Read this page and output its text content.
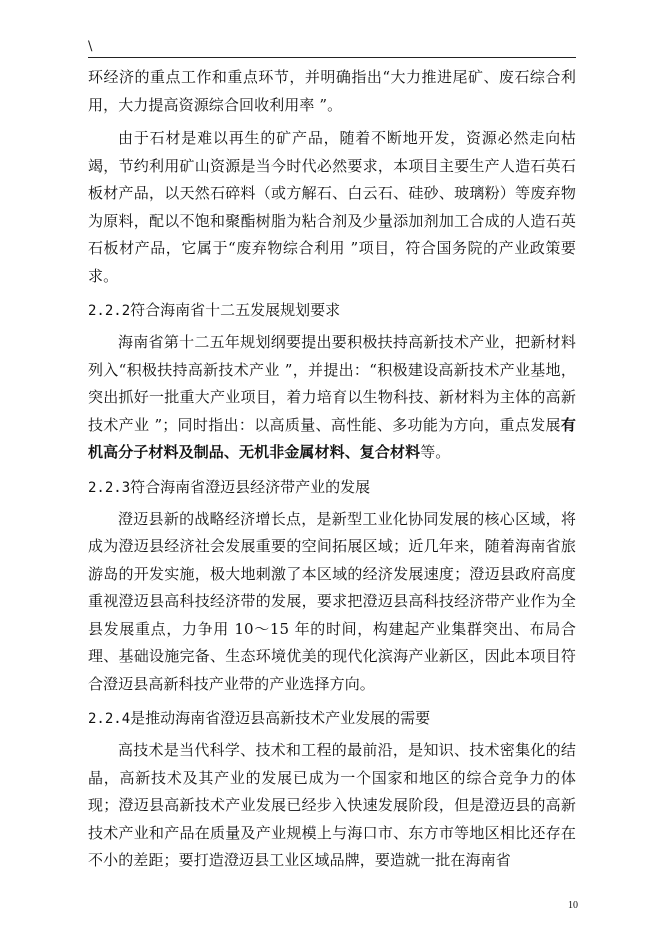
\

环经济的重点工作和重点环节，并明确指出“大力推进尾矿、废石综合利用，大力提高资源综合回收利用率 ”。

由于石材是难以再生的矿产品，随着不断地开发，资源必然走向枯竭，节约利用矿山资源是当今时代必然要求，本项目主要生产人造石英石板材产品，以天然石碎料（或方解石、白云石、硅砂、玻璃粉）等废弃物为原料，配以不饱和聚酯树脂为粘合剂及少量添加剂加工合成的人造石英石板材产品，它属于“废弃物综合利用 ”项目，符合国务院的产业政策要求。

2.2.2符合海南省十二五发展规划要求

海南省第十二五年规划纲要提出要积极扶持高新技术产业，把新材料列入“积极扶持高新技术产业 ”，并提出：“积极建设高新技术产业基地，突出抓好一批重大产业项目，着力培育以生物科技、新材料为主体的高新技术产业 ”；同时指出：以高质量、高性能、多功能为方向，重点发展有机高分子材料及制品、无机非金属材料、复合材料等。

2.2.3符合海南省澄迈县经济带产业的发展

澄迈县新的战略经济增长点，是新型工业化协同发展的核心区域，将成为澄迈县经济社会发展重要的空间拓展区域；近几年来，随着海南省旅游岛的开发实施，极大地刺激了本区域的经济发展速度；澄迈县政府高度重视澄迈县高科技经济带的发展，要求把澄迈县高科技经济带产业作为全县发展重点，力争用 10～15 年的时间，构建起产业集群突出、布局合理、基础设施完备、生态环境优美的现代化滨海产业新区，因此本项目符合澄迈县高新科技产业带的产业选择方向。

2.2.4是推动海南省澄迈县高新技术产业发展的需要

高技术是当代科学、技术和工程的最前沿，是知识、技术密集化的结晶，高新技术及其产业的发展已成为一个国家和地区的综合竞争力的体现；澄迈县高新技术产业发展已经步入快速发展阶段，但是澄迈县的高新技术产业和产品在质量及产业规模上与海口市、东方市等地区相比还存在不小的差距；要打造澄迈县工业区域品牌，要造就一批在海南省

10
